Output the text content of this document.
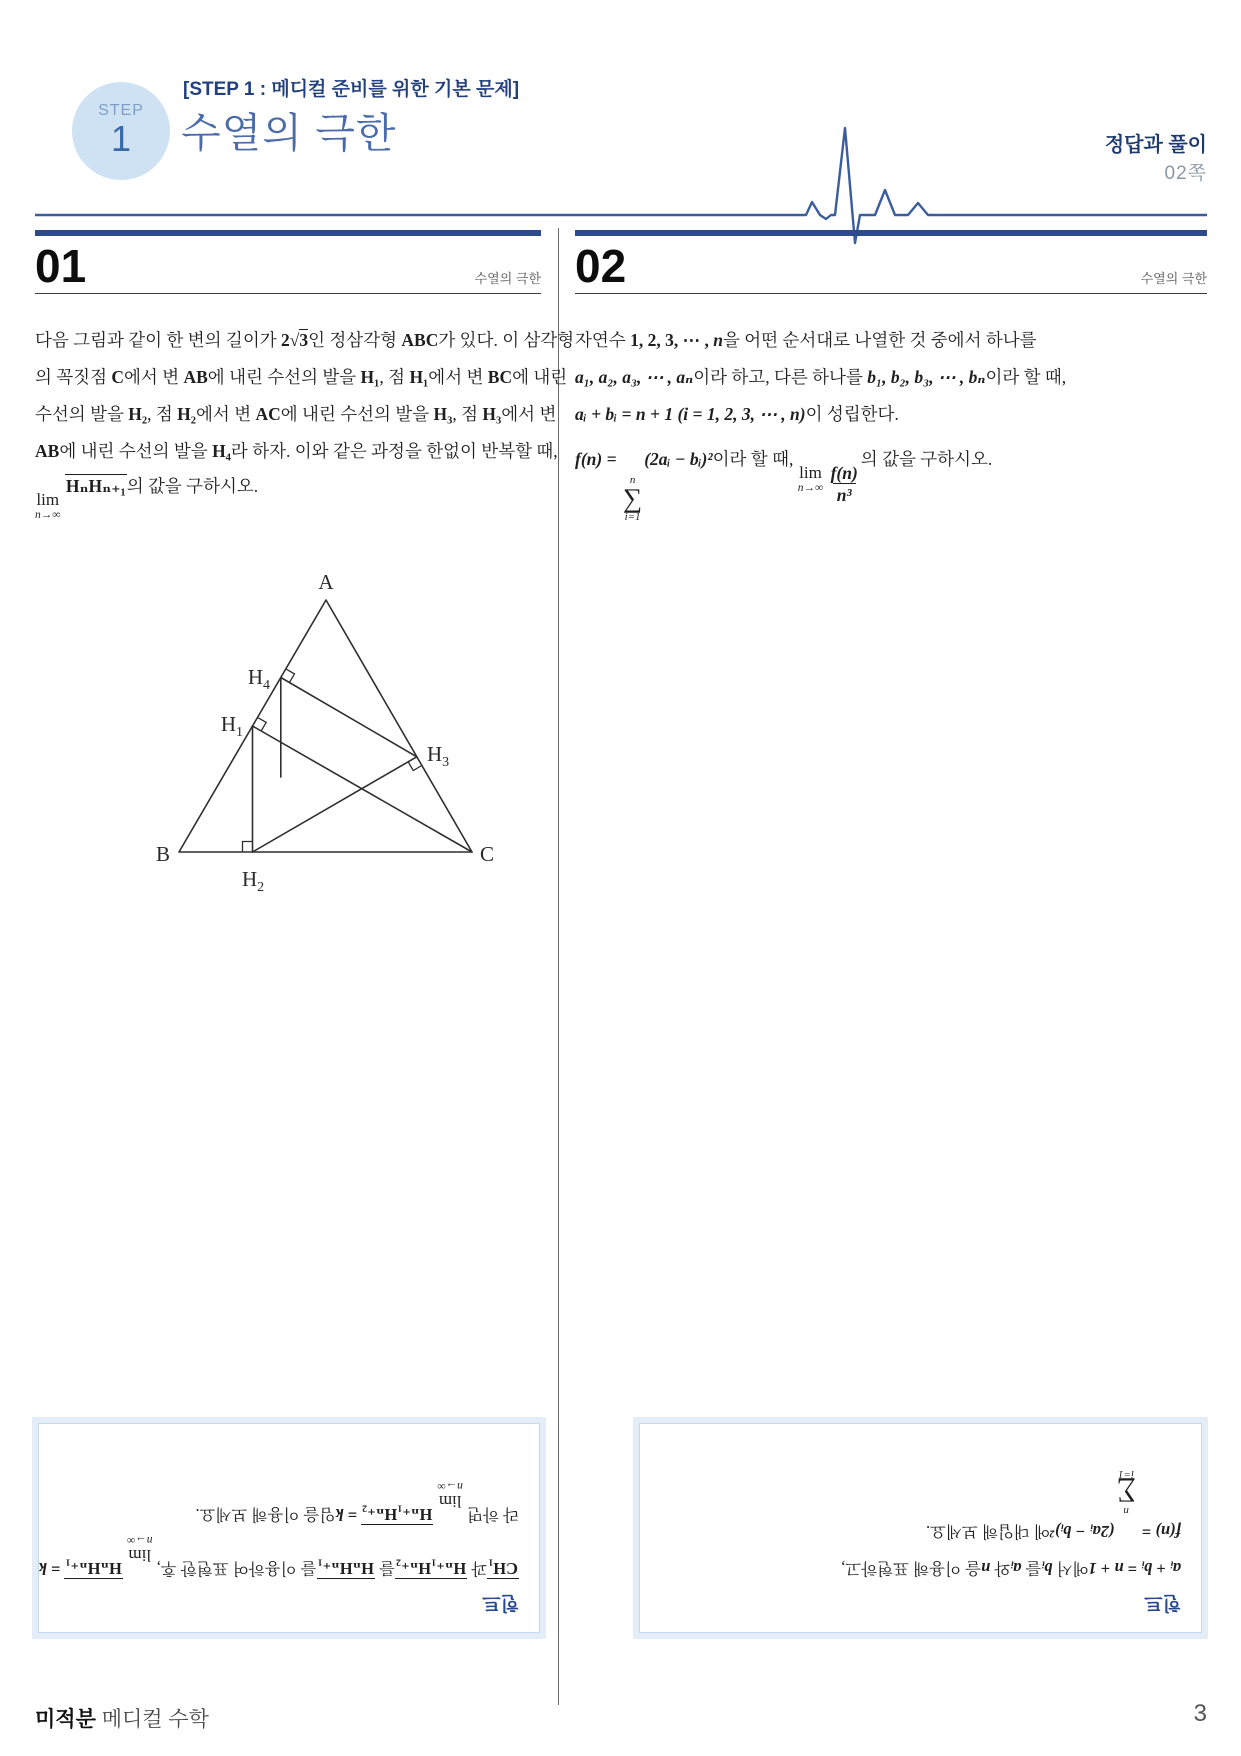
STEP
1
[STEP 1 : 메디컬 준비를 위한 기본 문제]
수열의 극한	정답과 풀이
02쪽
01	수열의 극한
다음 그림과 같이 한 변의 길이가 2√3인 정삼각형 ABC가 있다. 이 삼각형
의 꼭짓점 C에서 변 AB에 내린 수선의 발을 H₁, 점 H₁에서 변 BC에 내린
수선의 발을 H₂, 점 H₂에서 변 AC에 내린 수선의 발을 H₃, 점 H₃에서 변
AB에 내린 수선의 발을 H₄라 하자. 이와 같은 과정을 한없이 반복할 때,
lim
n→∞
HₙHₙ₊₁의 값을 구하시오.
A
B	C
$H_4$
$H_1$
$H_3$
$H_2$
02	수열의 극한
자연수 1, 2, 3, ⋯ , n을 어떤 순서대로 나열한 것 중에서 하나를
a₁, a₂, a₃, ⋯ , aₙ이라 하고, 다른 하나를 b₁, b₂, b₃, ⋯ , bₙ이라 할 때,
aᵢ + bᵢ = n + 1 (i = 1, 2, 3, ⋯ , n)이 성립한다.
f(n) =
n
∑
i=1
(2aᵢ − bᵢ)²이라 할 때,
lim
n→∞
$\frac{f(n)}{\text{n³}}$
의 값을 구하시오.
힌트
CH₁과 Hₙ₊₁Hₙ₊₂를 HₙHₙ₊₁를 이용하여 표현한 후,
lim
n→∞
HₙHₙ₊₁ = k
라 하면
lim
n→∞
Hₙ₊₁Hₙ₊₂ = k임을 이용해 보세요.
힌트
aᵢ + bᵢ = n + 1에서 bᵢ를 aᵢ와 n을 이용해 표현하고,
f(n) =
n
∑
i=1
(2aᵢ − bᵢ)²에 대입해 보세요.
미적분 메디컬 수학	3
